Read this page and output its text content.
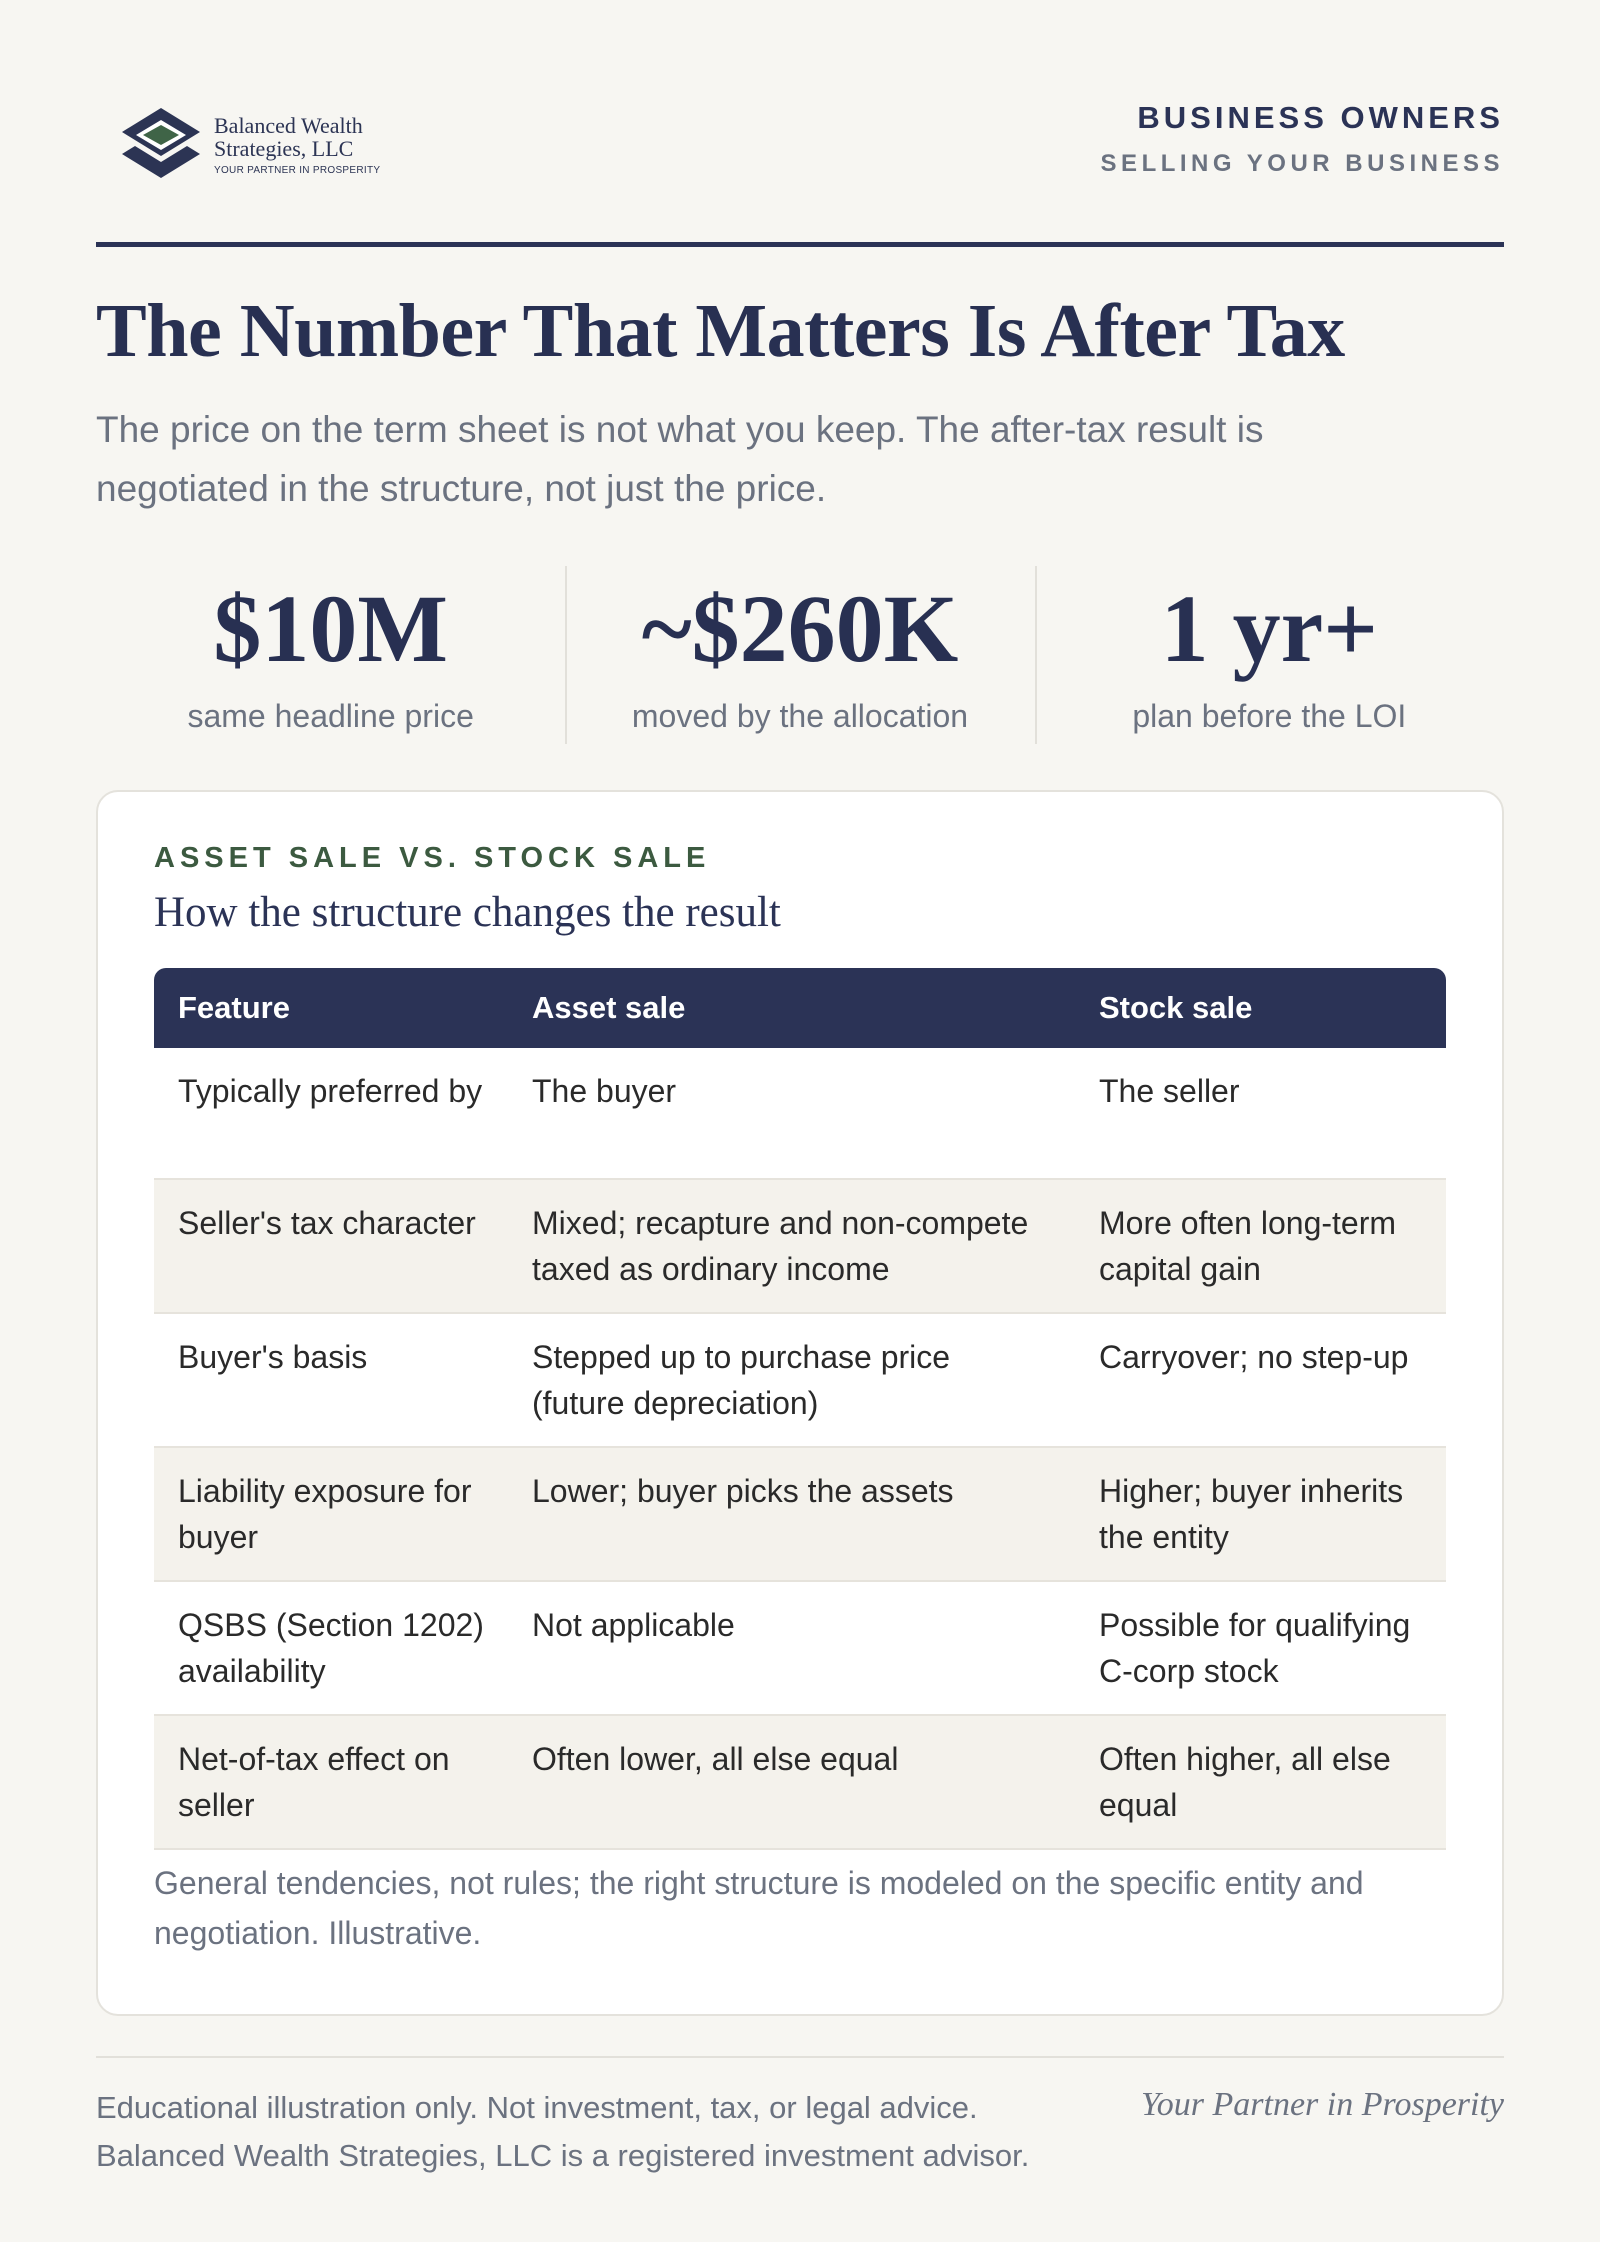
Balanced Wealth
Strategies, LLC
YOUR PARTNER IN PROSPERITY
BUSINESS OWNERS
SELLING YOUR BUSINESS
The Number That Matters Is After Tax

The price on the term sheet is not what you keep. The after-tax result is negotiated in the structure, not just the price.

$10M
same headline price
~$260K
moved by the allocation
1 yr+
plan before the LOI
ASSET SALE VS. STOCK SALE
How the structure changes the result
Feature	Asset sale	Stock sale
Typically preferred by	The buyer	The seller
Seller's tax character	Mixed; recapture and non-compete taxed as ordinary income	More often long-term capital gain
Buyer's basis	Stepped up to purchase price (future depreciation)	Carryover; no step-up
Liability exposure for buyer	Lower; buyer picks the assets	Higher; buyer inherits the entity
QSBS (Section 1202) availability	Not applicable	Possible for qualifying C-corp stock
Net-of-tax effect on seller	Often lower, all else equal	Often higher, all else equal

General tendencies, not rules; the right structure is modeled on the specific entity and negotiation. Illustrative.

Educational illustration only. Not investment, tax, or legal advice.
Balanced Wealth Strategies, LLC is a registered investment advisor.
Your Partner in Prosperity
